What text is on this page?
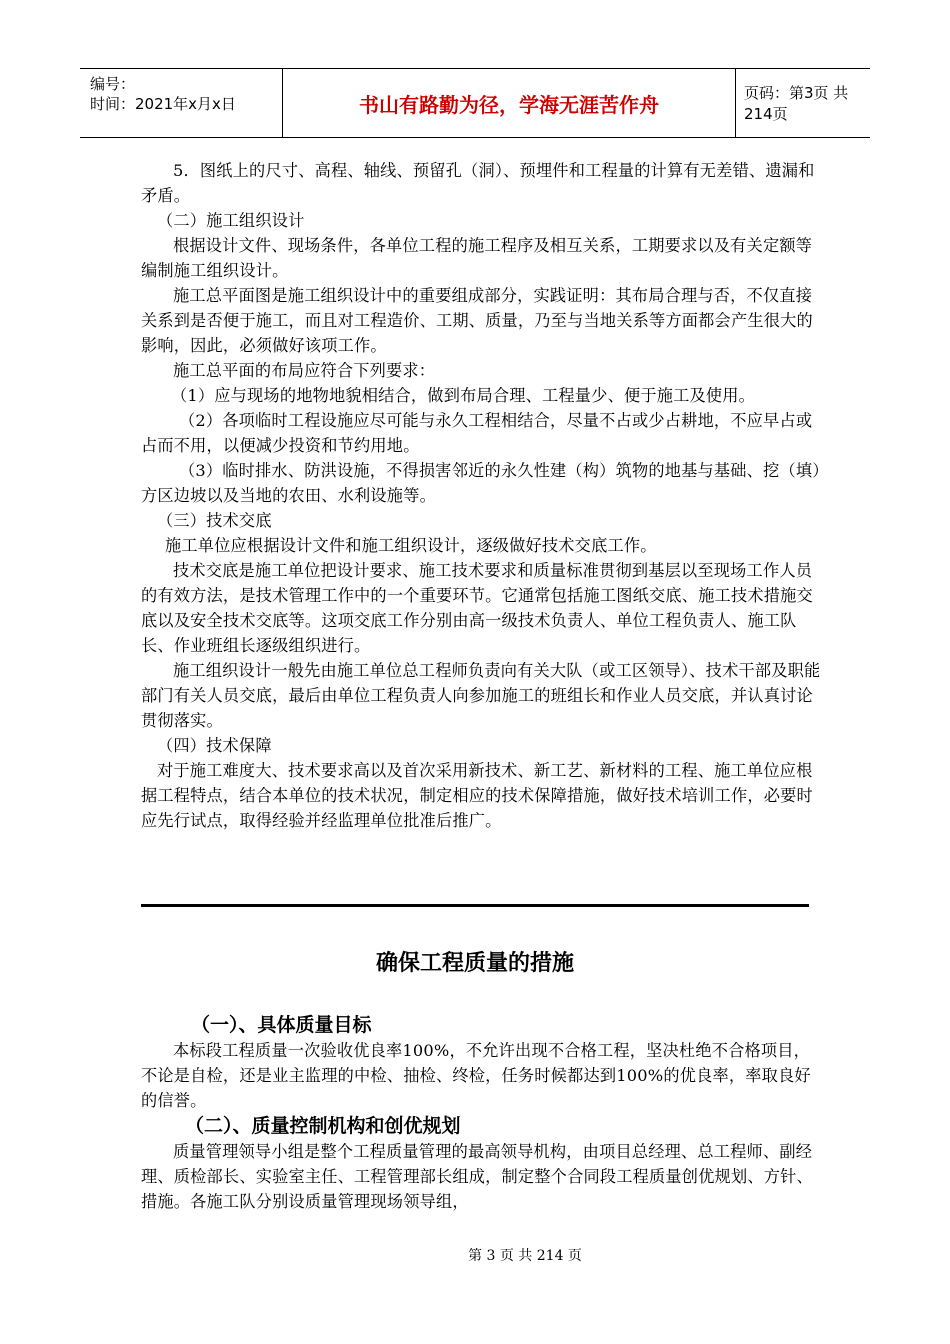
编号：
时间：2021年x月x日	书山有路勤为径，学海无涯苦作舟	页码：第3页 共214页

5．图纸上的尺寸、高程、轴线、预留孔（洞）、预埋件和工程量的计算有无差错、遗漏和矛盾。

（二）施工组织设计

根据设计文件、现场条件，各单位工程的施工程序及相互关系，工期要求以及有关定额等编制施工组织设计。

施工总平面图是施工组织设计中的重要组成部分，实践证明：其布局合理与否，不仅直接关系到是否便于施工，而且对工程造价、工期、质量，乃至与当地关系等方面都会产生很大的影响，因此，必须做好该项工作。

施工总平面的布局应符合下列要求：

（1）应与现场的地物地貌相结合，做到布局合理、工程量少、便于施工及使用。

（2）各项临时工程设施应尽可能与永久工程相结合，尽量不占或少占耕地，不应早占或占而不用，以便减少投资和节约用地。

（3）临时排水、防洪设施，不得损害邻近的永久性建（构）筑物的地基与基础、挖（填）方区边坡以及当地的农田、水利设施等。

（三）技术交底

施工单位应根据设计文件和施工组织设计，逐级做好技术交底工作。

技术交底是施工单位把设计要求、施工技术要求和质量标准贯彻到基层以至现场工作人员的有效方法，是技术管理工作中的一个重要环节。它通常包括施工图纸交底、施工技术措施交底以及安全技术交底等。这项交底工作分别由高一级技术负责人、单位工程负责人、施工队长、作业班组长逐级组织进行。

施工组织设计一般先由施工单位总工程师负责向有关大队（或工区领导）、技术干部及职能部门有关人员交底，最后由单位工程负责人向参加施工的班组长和作业人员交底，并认真讨论贯彻落实。

（四）技术保障

对于施工难度大、技术要求高以及首次采用新技术、新工艺、新材料的工程、施工单位应根据工程特点，结合本单位的技术状况，制定相应的技术保障措施，做好技术培训工作，必要时应先行试点，取得经验并经监理单位批准后推广。

确保工程质量的措施

（一）、具体质量目标

本标段工程质量一次验收优良率100%，不允许出现不合格工程，坚决杜绝不合格项目，不论是自检，还是业主监理的中检、抽检、终检，任务时候都达到100%的优良率，率取良好的信誉。

（二）、质量控制机构和创优规划

质量管理领导小组是整个工程质量管理的最高领导机构，由项目总经理、总工程师、副经理、质检部长、实验室主任、工程管理部长组成，制定整个合同段工程质量创优规划、方针、措施。各施工队分别设质量管理现场领导组，

第 3 页 共 214 页
